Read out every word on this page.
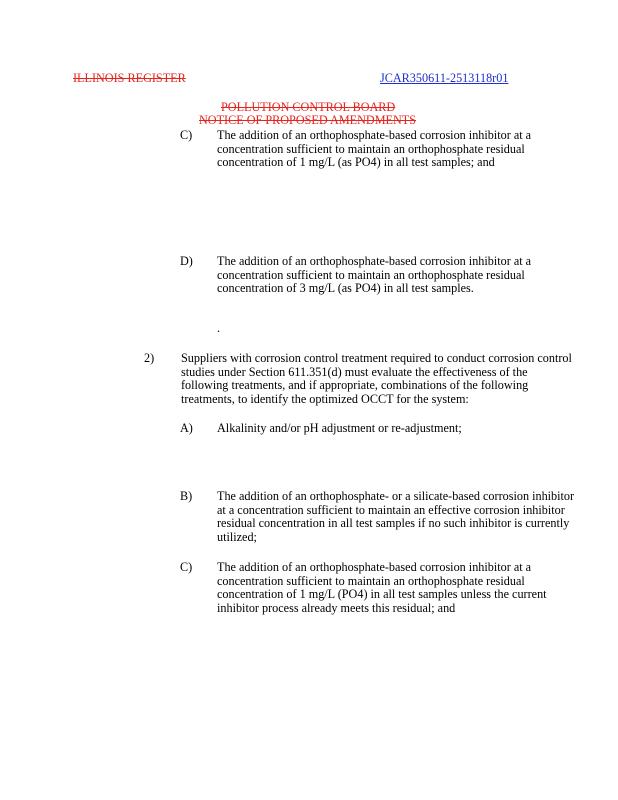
ILLINOIS REGISTER	JCAR350611-2513118r01
POLLUTION CONTROL BOARD
NOTICE OF PROPOSED AMENDMENTS
C) The addition of an orthophosphate-based corrosion inhibitor at a concentration sufficient to maintain an orthophosphate residual concentration of 1 mg/L (as PO4) in all test samples; and
D) The addition of an orthophosphate-based corrosion inhibitor at a concentration sufficient to maintain an orthophosphate residual concentration of 3 mg/L (as PO4) in all test samples.
.
2) Suppliers with corrosion control treatment required to conduct corrosion control studies under Section 611.351(d) must evaluate the effectiveness of the following treatments, and if appropriate, combinations of the following treatments, to identify the optimized OCCT for the system:
A) Alkalinity and/or pH adjustment or re-adjustment;
B) The addition of an orthophosphate- or a silicate-based corrosion inhibitor at a concentration sufficient to maintain an effective corrosion inhibitor residual concentration in all test samples if no such inhibitor is currently utilized;
C) The addition of an orthophosphate-based corrosion inhibitor at a concentration sufficient to maintain an orthophosphate residual concentration of 1 mg/L (PO4) in all test samples unless the current inhibitor process already meets this residual; and
